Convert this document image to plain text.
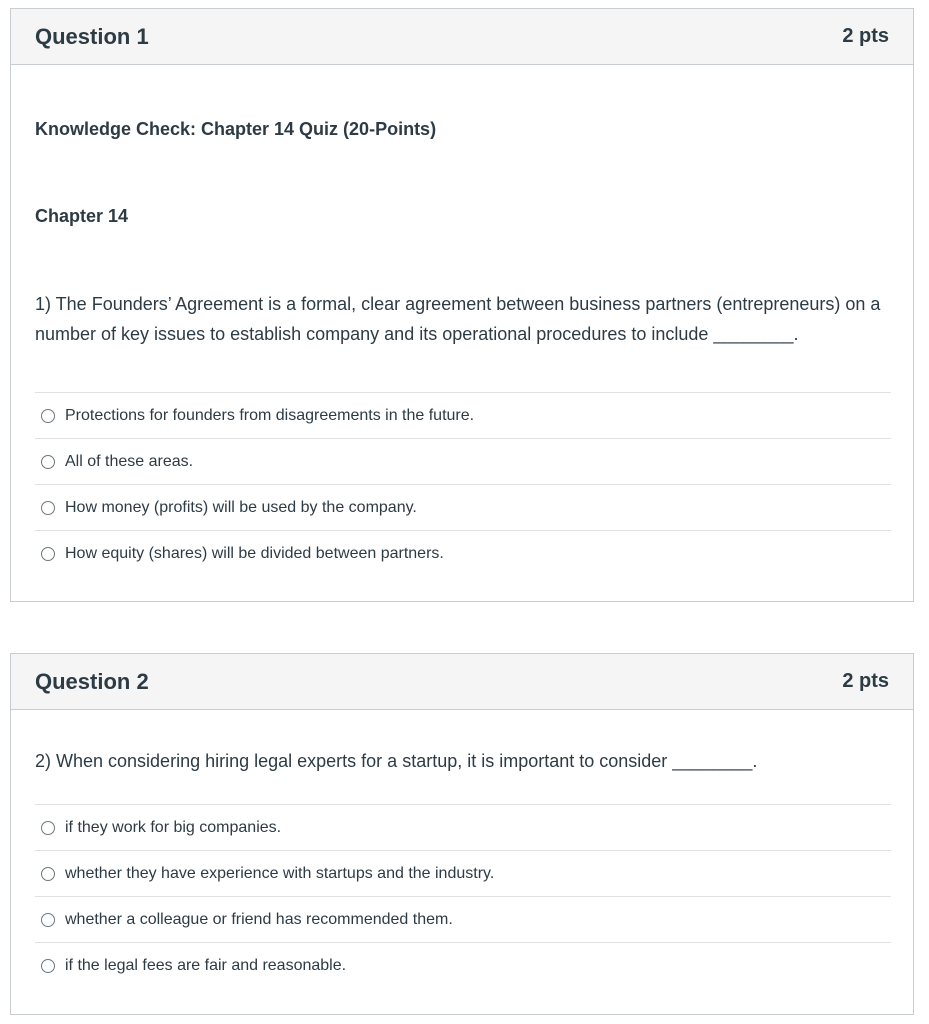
Question 1	2 pts
Knowledge Check: Chapter 14 Quiz (20-Points)
Chapter 14
1) The Founders’ Agreement is a formal, clear agreement between business partners (entrepreneurs) on a number of key issues to establish company and its operational procedures to include ________.
Protections for founders from disagreements in the future.
All of these areas.
How money (profits) will be used by the company.
How equity (shares) will be divided between partners.
Question 2	2 pts
2) When considering hiring legal experts for a startup, it is important to consider ________.
if they work for big companies.
whether they have experience with startups and the industry.
whether a colleague or friend has recommended them.
if the legal fees are fair and reasonable.
